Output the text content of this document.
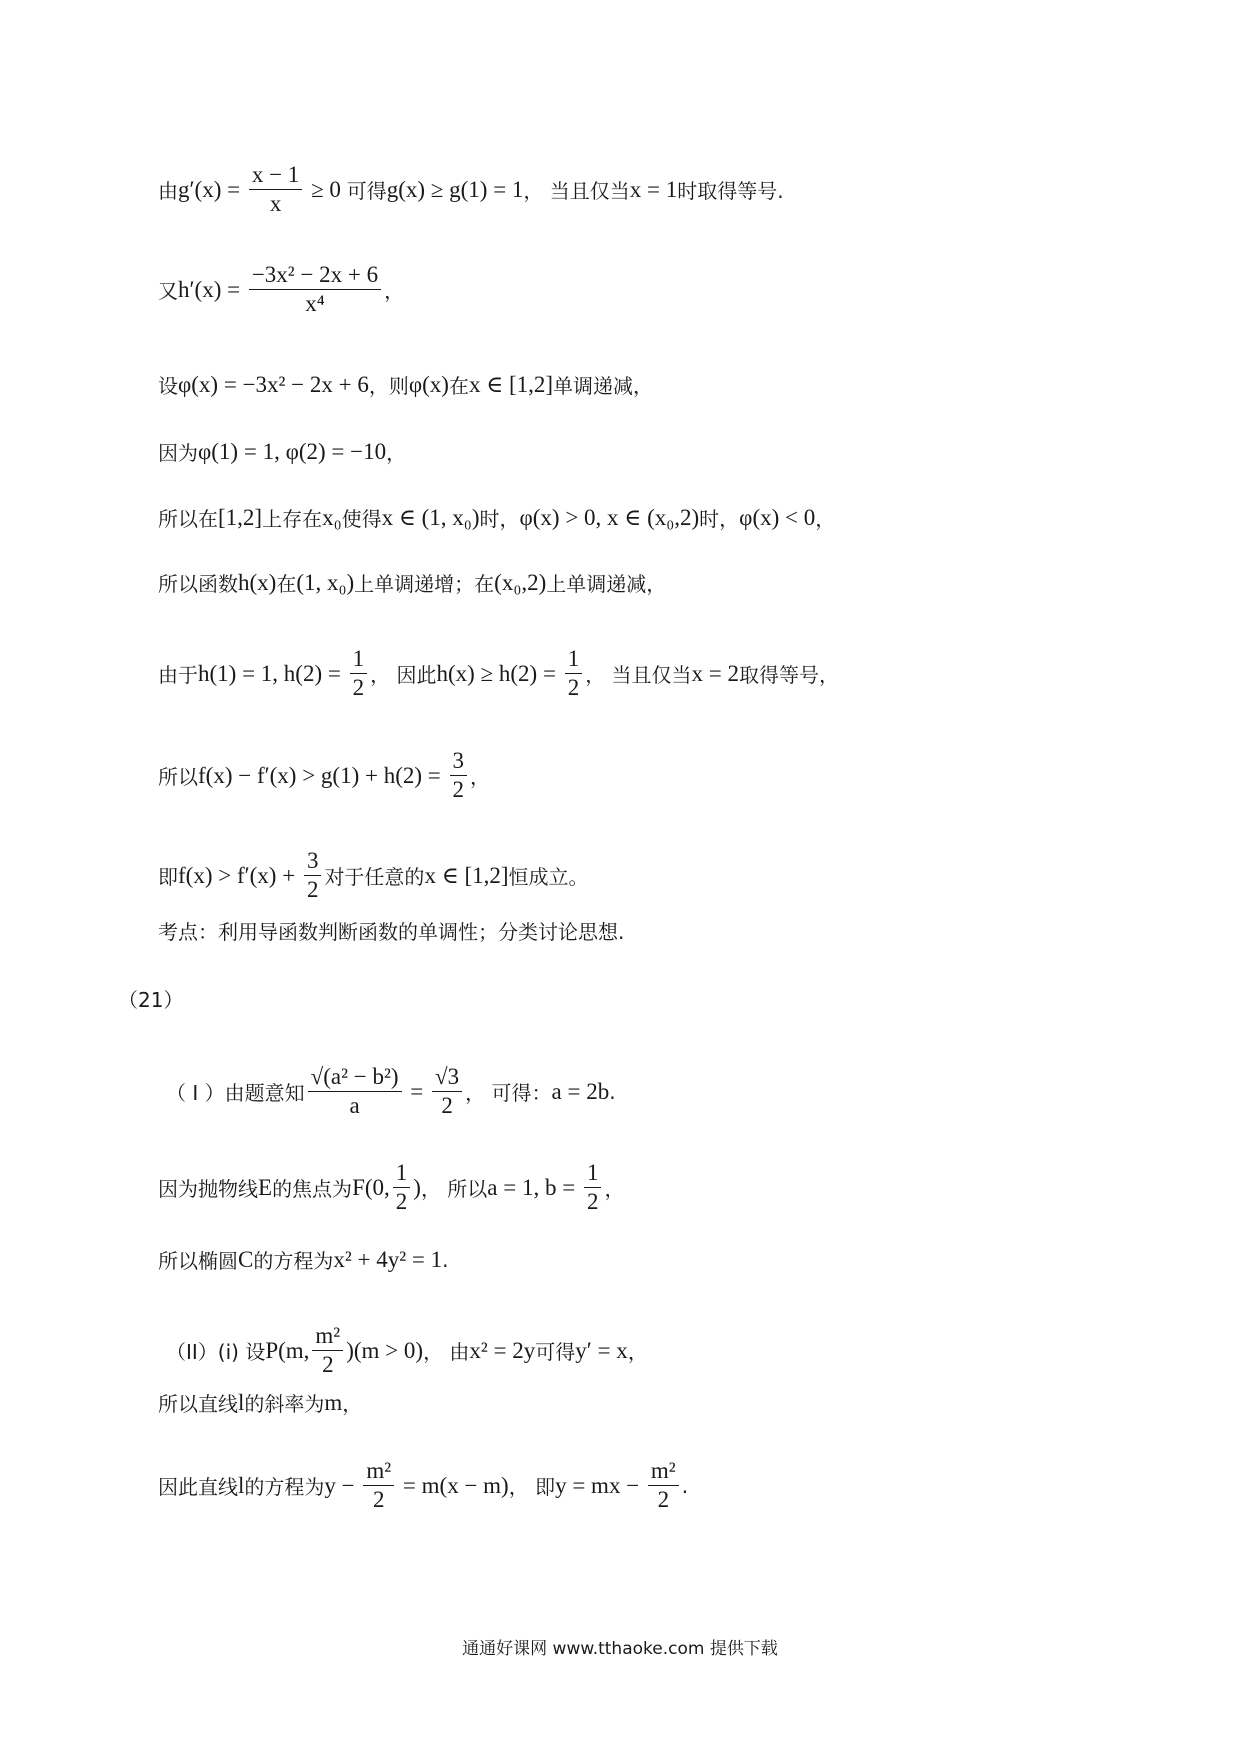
由 $g'(x) = \frac{x - 1}{x} \ge 0$ 可得 g(x) ≥ g(1) = 1 ， 当且仅当 x = 1 时取得等号.
又 $h'(x) = \frac{\text{−3x² − 2x + 6}}{\text{x⁴}}$ ，
设 φ(x) = −3x² − 2x + 6 ，则 φ(x) 在 x ∈ [1,2] 单调递减，
因为 φ(1) = 1, φ(2) = −10 ，
所以在 [1,2] 上存在 x₀ 使得 x ∈ (1, x₀) 时， φ(x) > 0, x ∈ (x₀,2) 时， φ(x) < 0 ，
所以函数 h(x) 在 (1, x₀) 上单调递增；在 (x₀,2) 上单调递减，
由于 h(1) = 1, $h(2) = \frac{1}{2}$ ， 因此 $h(x) \ge h(2) = \frac{1}{2}$ ， 当且仅当 x = 2 取得等号，
所以 $f(x) - f'(x) > g(1) + h(2) = \frac{3}{2}$ ，
即 $f(x) > f'(x) + \frac{3}{2}$ 对于任意的 x ∈ [1,2] 恒成立。
考点：利用导函数判断函数的单调性；分类讨论思想.
（21）
（ I ）由题意知 $\frac{\text{√(a² − b²)}}{a} = \frac{√3}{2}$ ， 可得： a = 2b .
因为抛物线 E 的焦点为 F(0, $\frac{1}{2}$ ) ， 所以 a = 1, $b = \frac{1}{2}$ ，
所以椭圆 C 的方程为 x² + 4y² = 1 .
（II）(i) 设 P(m, $\frac{\text{m²}}{2} )(m > 0)$ ， 由 x² = 2y 可得 y′ = x ，
所以直线 l 的斜率为 m ，
因此直线 l 的方程为 $y - \frac{\text{m²}}{2} = m(x - m)$ ， 即 y = mx − $\frac{\text{m²}}{2}$ .
通通好课网 www.tthaoke.com 提供下载
